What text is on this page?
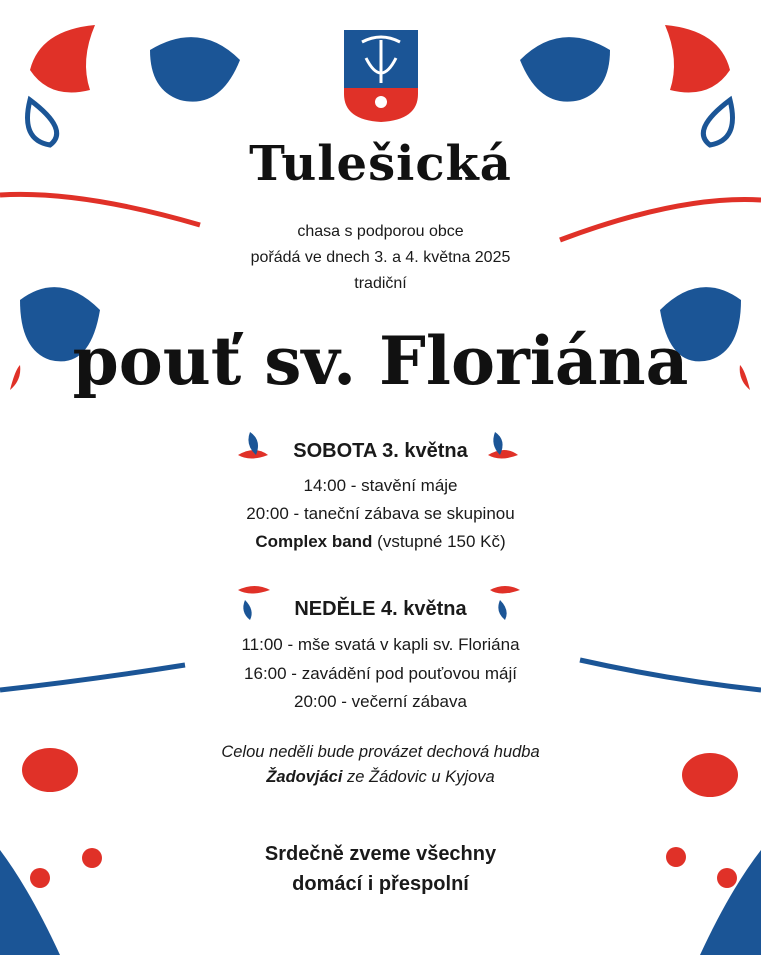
Tulešická
chasa s podporou obce
pořádá ve dnech 3. a 4. května 2025
tradiční
pouť sv. Floriána
SOBOTA 3. května
14:00 - stavění máje
20:00 - taneční zábava se skupinou
Complex band (vstupné 150 Kč)
NEDĚLE 4. května
11:00 - mše svatá v kapli sv. Floriána
16:00 - zavádění pod pouťovou májí
20:00 - večerní zábava
Celou neděli bude provázet dechová hudba
Žadovjáci ze Žádovic u Kyjova
Srdečně zveme všechny
domácí i přespolní
